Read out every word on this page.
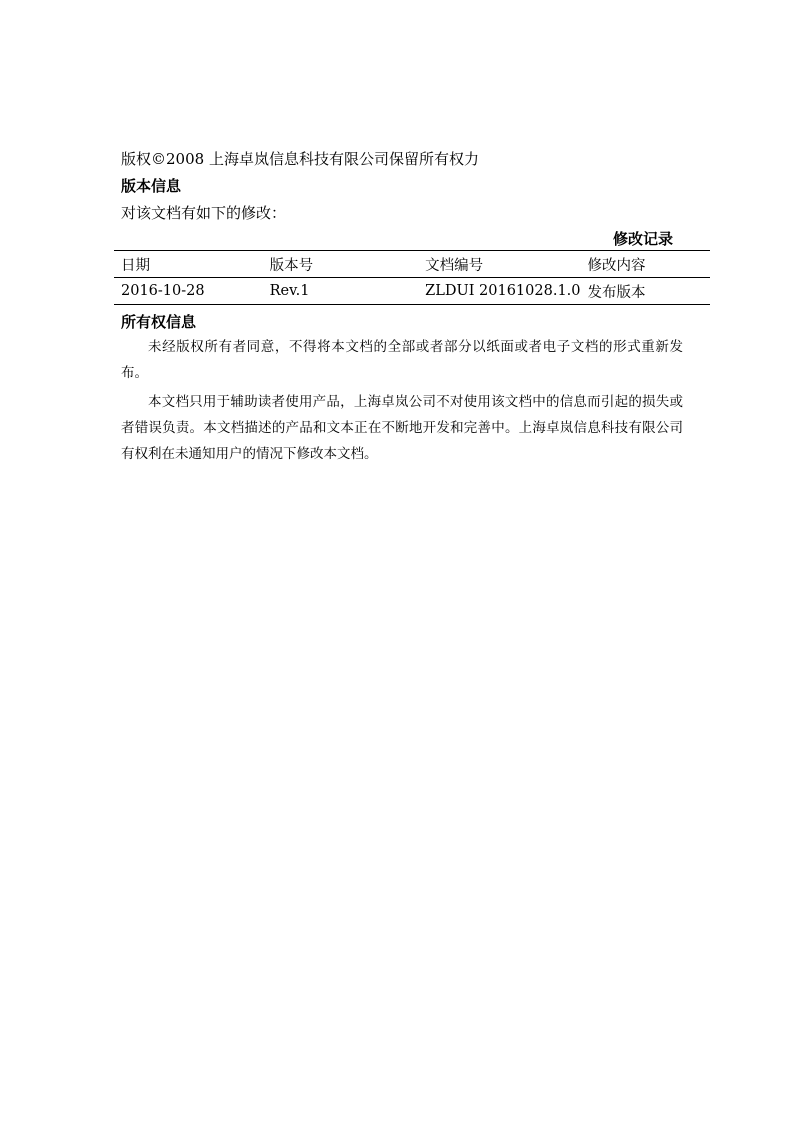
版权©2008 上海卓岚信息科技有限公司保留所有权力
版本信息
对该文档有如下的修改：
修改记录
日期	版本号	文档编号	修改内容
2016-10-28	Rev.1	ZLDUI 20161028.1.0	发布版本
所有权信息

未经版权所有者同意，不得将本文档的全部或者部分以纸面或者电子文档的形式重新发布。

本文档只用于辅助读者使用产品，上海卓岚公司不对使用该文档中的信息而引起的损失或者错误负责。本文档描述的产品和文本正在不断地开发和完善中。上海卓岚信息科技有限公司有权利在未通知用户的情况下修改本文档。
